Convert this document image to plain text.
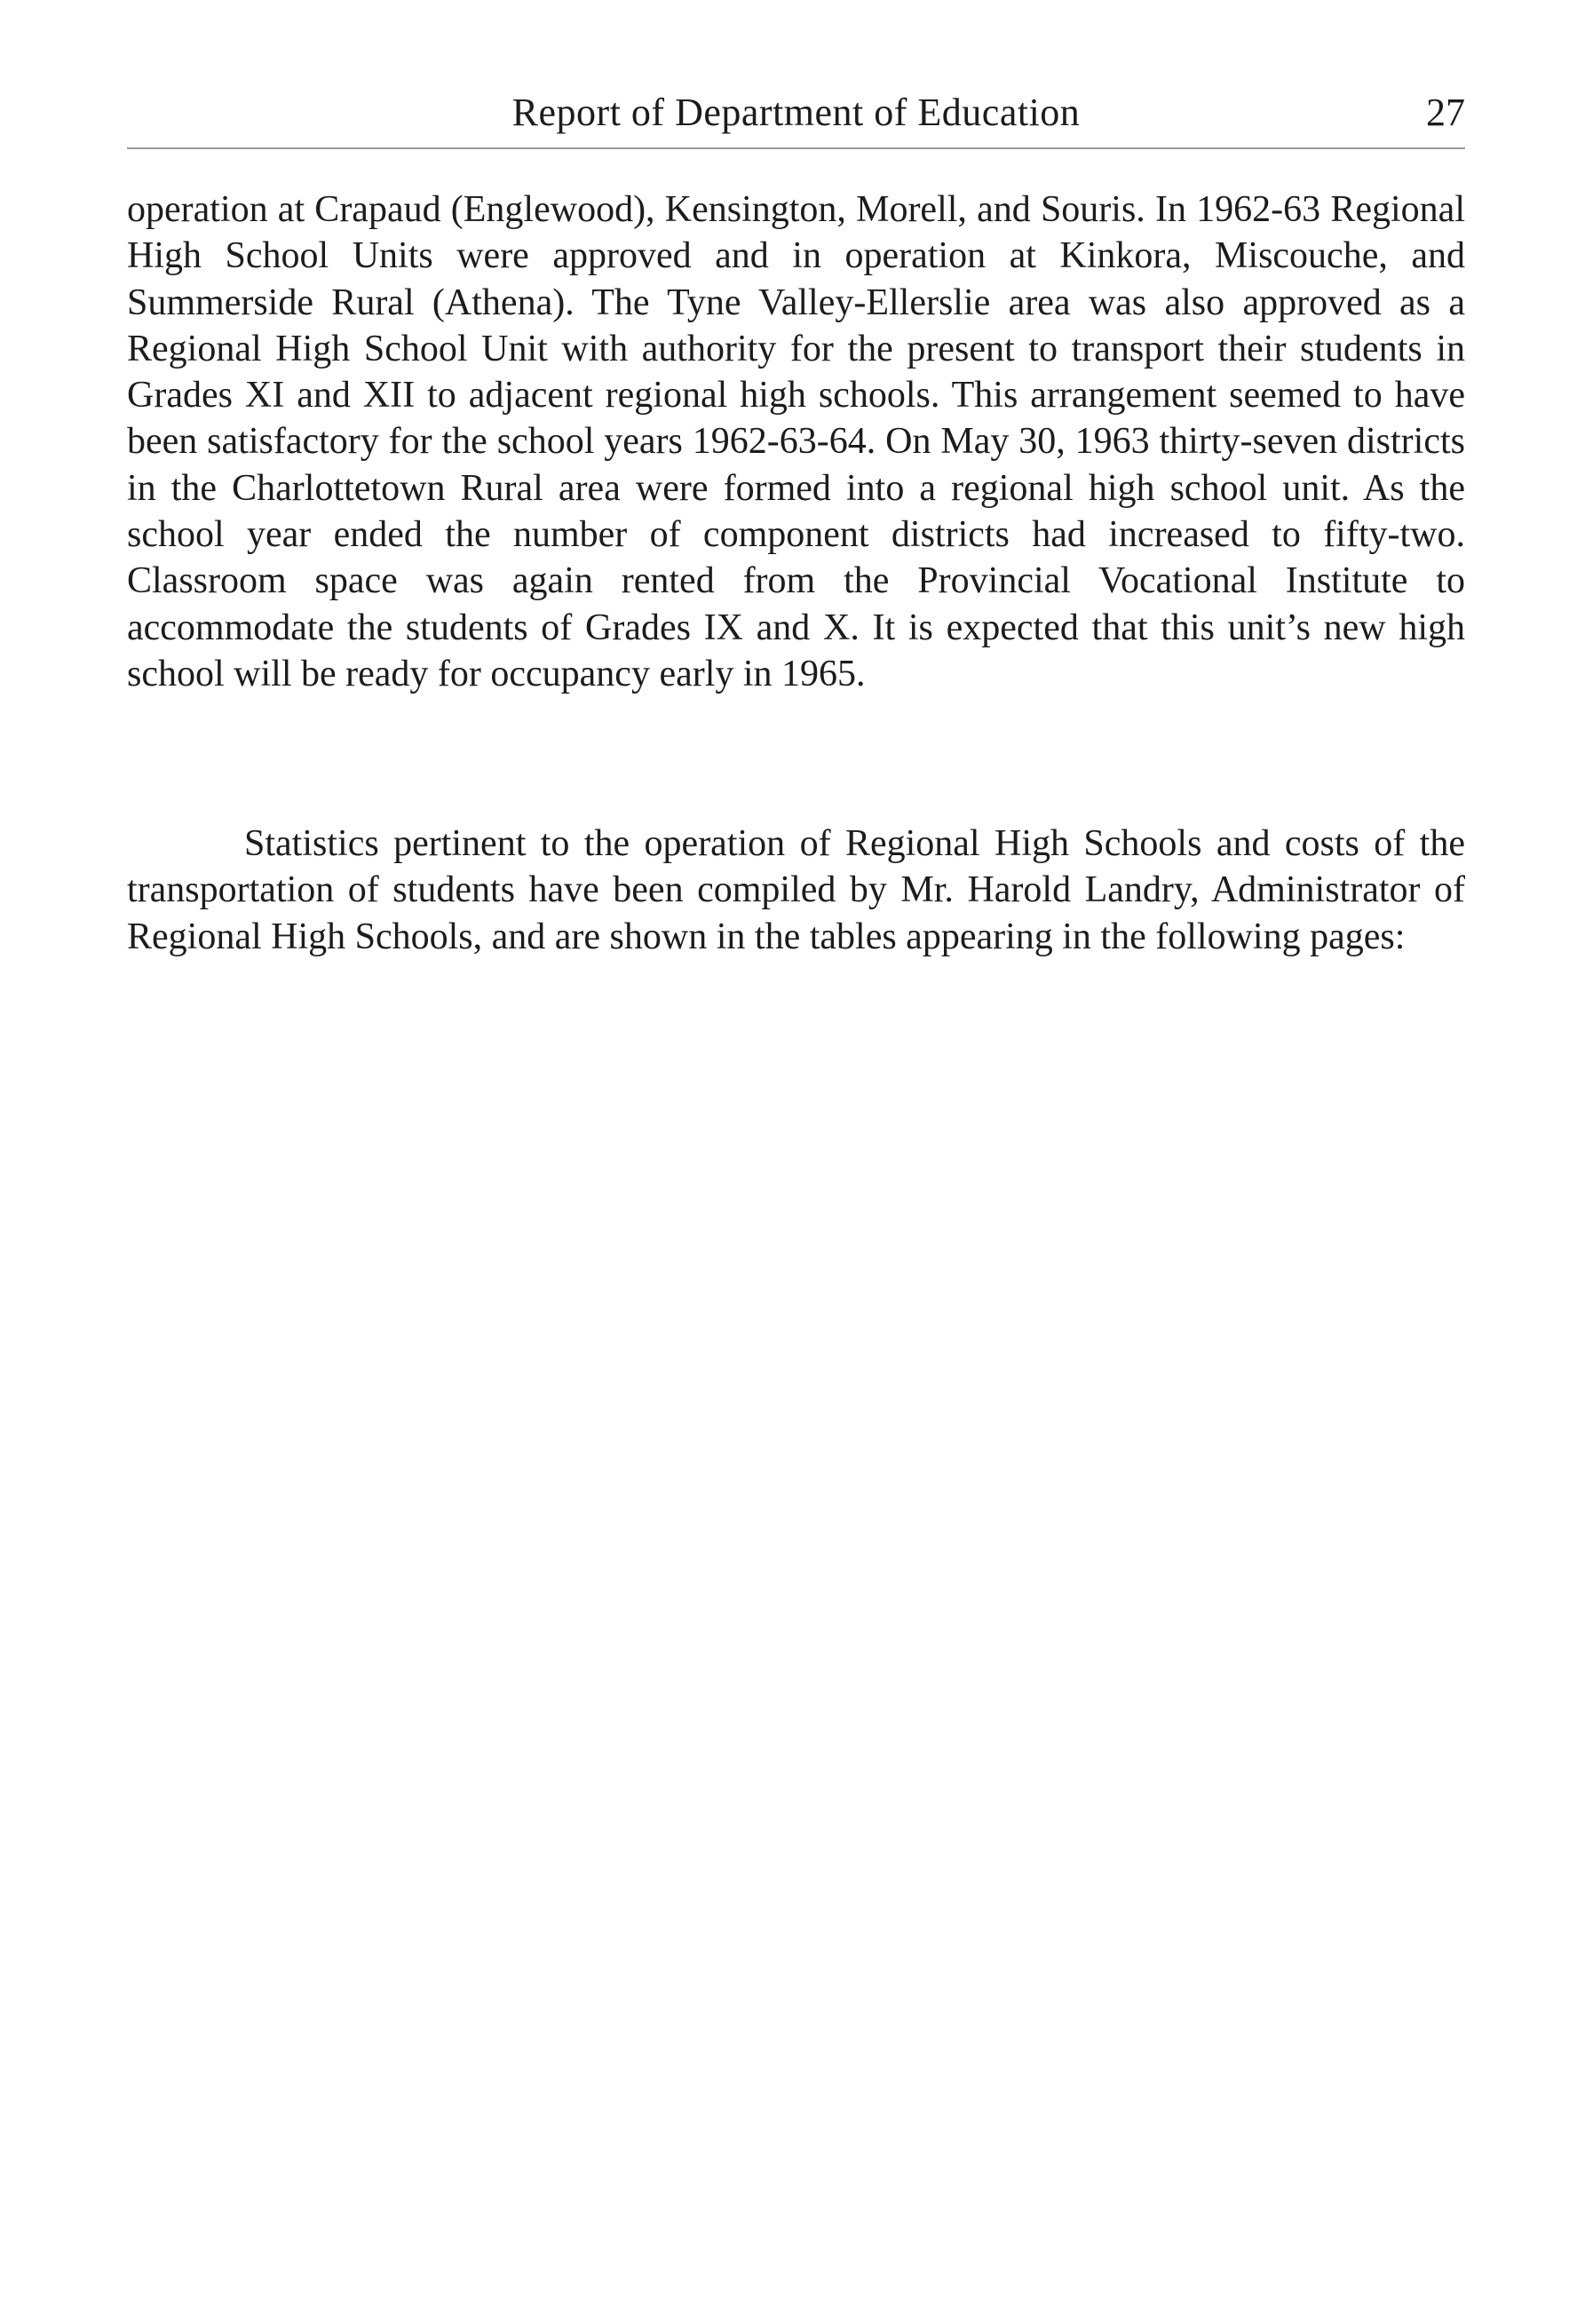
Report of Department of Education	27

operation at Crapaud (Englewood), Kensington, Morell, and Souris. In 1962-63 Regional High School Units were approved and in operation at Kinkora, Miscouche, and Summerside Rural (Athena). The Tyne Valley-Ellerslie area was also approved as a Regional High School Unit with authority for the present to transport their students in Grades XI and XII to adjacent regional high schools. This arrangement seemed to have been satisfactory for the school years 1962-63-64. On May 30, 1963 thirty-seven districts in the Charlottetown Rural area were formed into a regional high school unit. As the school year ended the number of component districts had increased to fifty-two. Classroom space was again rented from the Provincial Vocational Institute to accommodate the students of Grades IX and X. It is expected that this unit’s new high school will be ready for occupancy early in 1965.

Statistics pertinent to the operation of Regional High Schools and costs of the transportation of students have been compiled by Mr. Harold Landry, Administrator of Regional High Schools, and are shown in the tables appearing in the following pages:
